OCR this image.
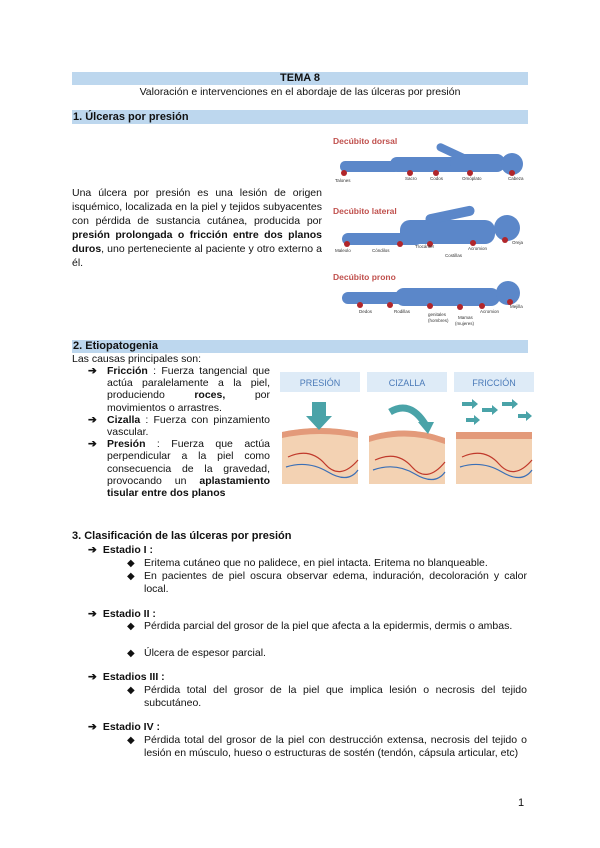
TEMA 8
Valoración e intervenciones en el abordaje de las úlceras por presión
1. Úlceras por presión
Una úlcera por presión es una lesión de origen isquémico, localizada en la piel y tejidos subyacentes con pérdida de sustancia cutánea, producida por presión prolongada o fricción entre dos planos duros, uno perteneciente al paciente y otro externo a él.
Decúbito dorsal
Talones	Sacro	Codos	Omóplato	Cabeza
Decúbito lateral
Maleolo	Cóndilos
Trocánter	Acromion
Oreja
Costillas
Decúbito prono
Dedos	Rodillas
genitales
(hombres)
Mamas
(mujeres)
Acromion
Mejilla
2. Etiopatogenia
Las causas principales son:

➔ Fricción : Fuerza tangencial que actúa paralelamente a la piel, produciendo roces, por movimientos o arrastres.

➔ Cizalla : Fuerza con pinzamiento vascular.

➔ Presión : Fuerza que actúa perpendicular a la piel como consecuencia de la gravedad, provocando un aplastamiento tisular entre dos planos

PRESIÓN	CIZALLA	FRICCIÓN
3. Clasificación de las úlceras por presión
➔ Estadio I :
◆ Eritema cutáneo que no palidece, en piel intacta. Eritema no blanqueable.
◆ En pacientes de piel oscura observar edema, induración, decoloración y calor local.
➔ Estadio II :
◆ Pérdida parcial del grosor de la piel que afecta a la epidermis, dermis o ambas.
◆ Úlcera de espesor parcial.
➔ Estadios III :
◆ Pérdida total del grosor de la piel que implica lesión o necrosis del tejido subcutáneo.
➔ Estadio IV :
◆ Pérdida total del grosor de la piel con destrucción extensa, necrosis del tejido o lesión en músculo, hueso o estructuras de sostén (tendón, cápsula articular, etc)
1
